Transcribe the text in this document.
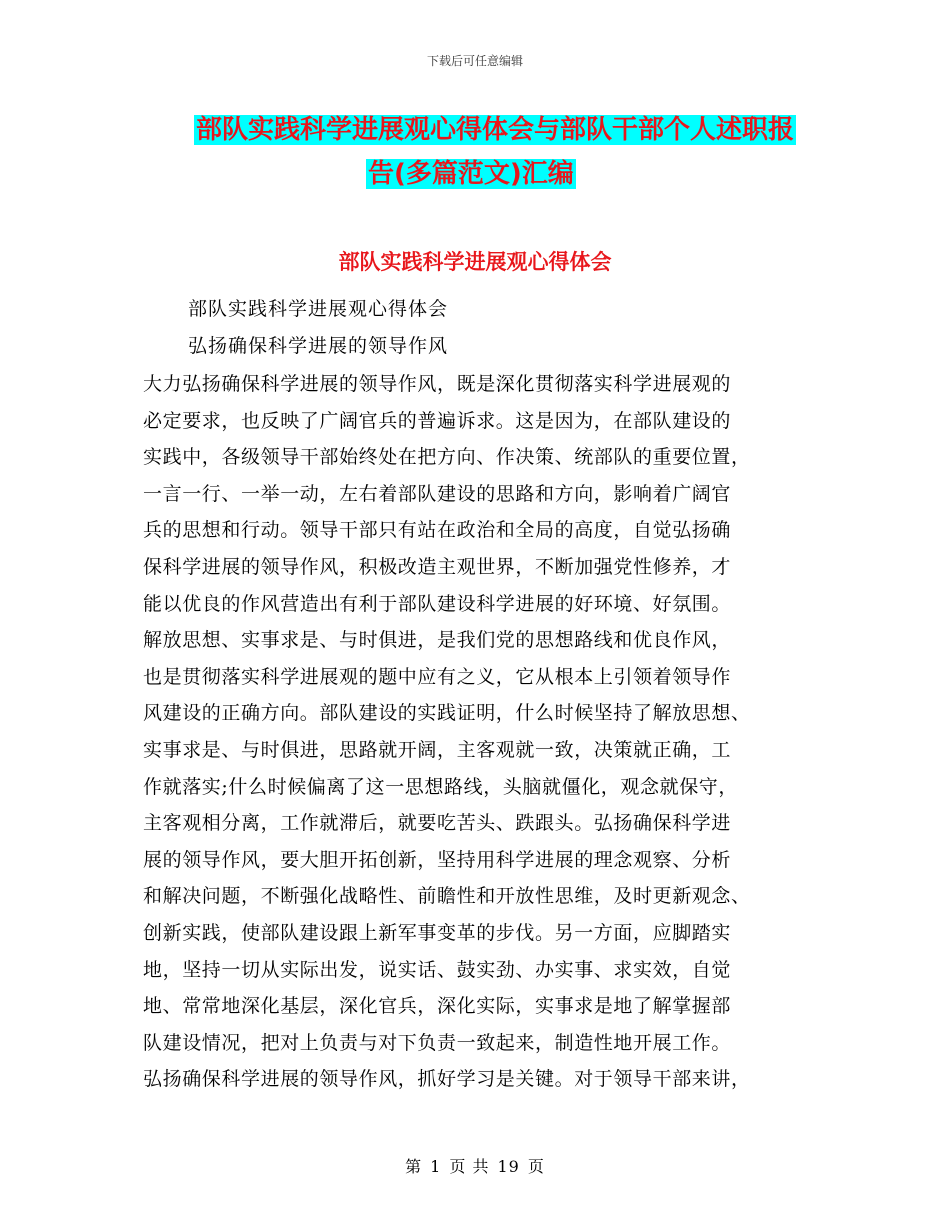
下载后可任意编辑
部队实践科学进展观心得体会与部队干部个人述职报
告(多篇范文)汇编
部队实践科学进展观心得体会
部队实践科学进展观心得体会
弘扬确保科学进展的领导作风
大力弘扬确保科学进展的领导作风，既是深化贯彻落实科学进展观的
必定要求，也反映了广阔官兵的普遍诉求。这是因为，在部队建设的
实践中，各级领导干部始终处在把方向、作决策、统部队的重要位置，
一言一行、一举一动，左右着部队建设的思路和方向，影响着广阔官
兵的思想和行动。领导干部只有站在政治和全局的高度，自觉弘扬确
保科学进展的领导作风，积极改造主观世界，不断加强党性修养，才
能以优良的作风营造出有利于部队建设科学进展的好环境、好氛围。
解放思想、实事求是、与时俱进，是我们党的思想路线和优良作风，
也是贯彻落实科学进展观的题中应有之义，它从根本上引领着领导作
风建设的正确方向。部队建设的实践证明，什么时候坚持了解放思想、
实事求是、与时俱进，思路就开阔，主客观就一致，决策就正确，工
作就落实;什么时候偏离了这一思想路线，头脑就僵化，观念就保守，
主客观相分离，工作就滞后，就要吃苦头、跌跟头。弘扬确保科学进
展的领导作风，要大胆开拓创新，坚持用科学进展的理念观察、分析
和解决问题，不断强化战略性、前瞻性和开放性思维，及时更新观念、
创新实践，使部队建设跟上新军事变革的步伐。另一方面，应脚踏实
地，坚持一切从实际出发，说实话、鼓实劲、办实事、求实效，自觉
地、常常地深化基层，深化官兵，深化实际，实事求是地了解掌握部
队建设情况，把对上负责与对下负责一致起来，制造性地开展工作。
弘扬确保科学进展的领导作风，抓好学习是关键。对于领导干部来讲，
第 1 页 共 19 页
